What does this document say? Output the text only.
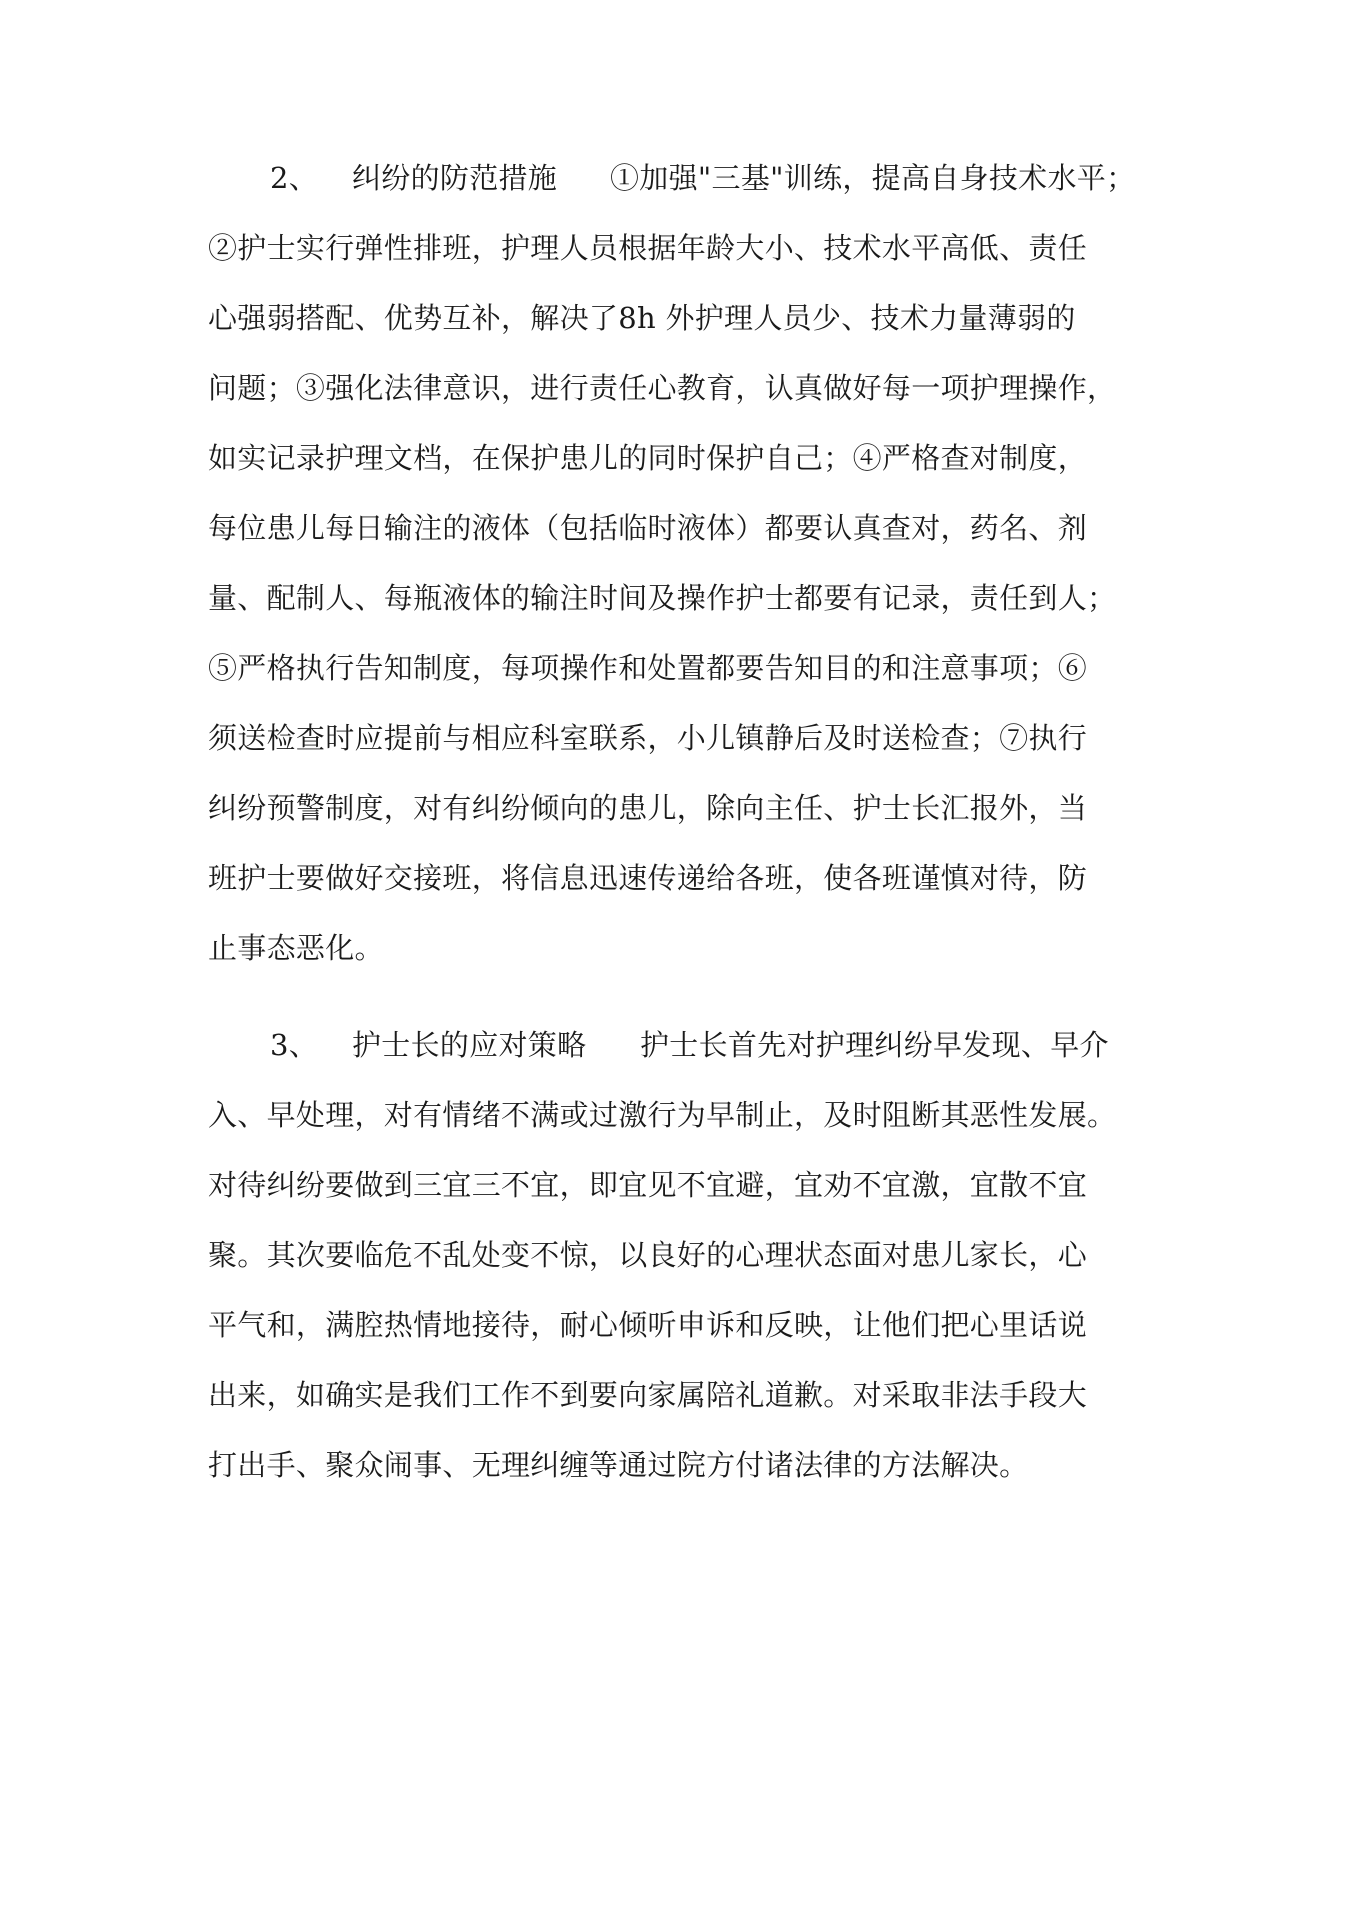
2、 纠纷的防范措施 ①加强"三基"训练，提高自身技术水平；

②护士实行弹性排班，护理人员根据年龄大小、技术水平高低、责任

心强弱搭配、优势互补，解决了8h 外护理人员少、技术力量薄弱的

问题；③强化法律意识，进行责任心教育，认真做好每一项护理操作，

如实记录护理文档，在保护患儿的同时保护自己；④严格查对制度，

每位患儿每日输注的液体（包括临时液体）都要认真查对，药名、剂

量、配制人、每瓶液体的输注时间及操作护士都要有记录，责任到人；

⑤严格执行告知制度，每项操作和处置都要告知目的和注意事项；⑥

须送检查时应提前与相应科室联系，小儿镇静后及时送检查；⑦执行

纠纷预警制度，对有纠纷倾向的患儿，除向主任、护士长汇报外，当

班护士要做好交接班，将信息迅速传递给各班，使各班谨慎对待，防

止事态恶化。

3、 护士长的应对策略 护士长首先对护理纠纷早发现、早介

入、早处理，对有情绪不满或过激行为早制止，及时阻断其恶性发展。

对待纠纷要做到三宜三不宜，即宜见不宜避，宜劝不宜激，宜散不宜

聚。其次要临危不乱处变不惊，以良好的心理状态面对患儿家长，心

平气和，满腔热情地接待，耐心倾听申诉和反映，让他们把心里话说

出来，如确实是我们工作不到要向家属陪礼道歉。对采取非法手段大

打出手、聚众闹事、无理纠缠等通过院方付诸法律的方法解决。
